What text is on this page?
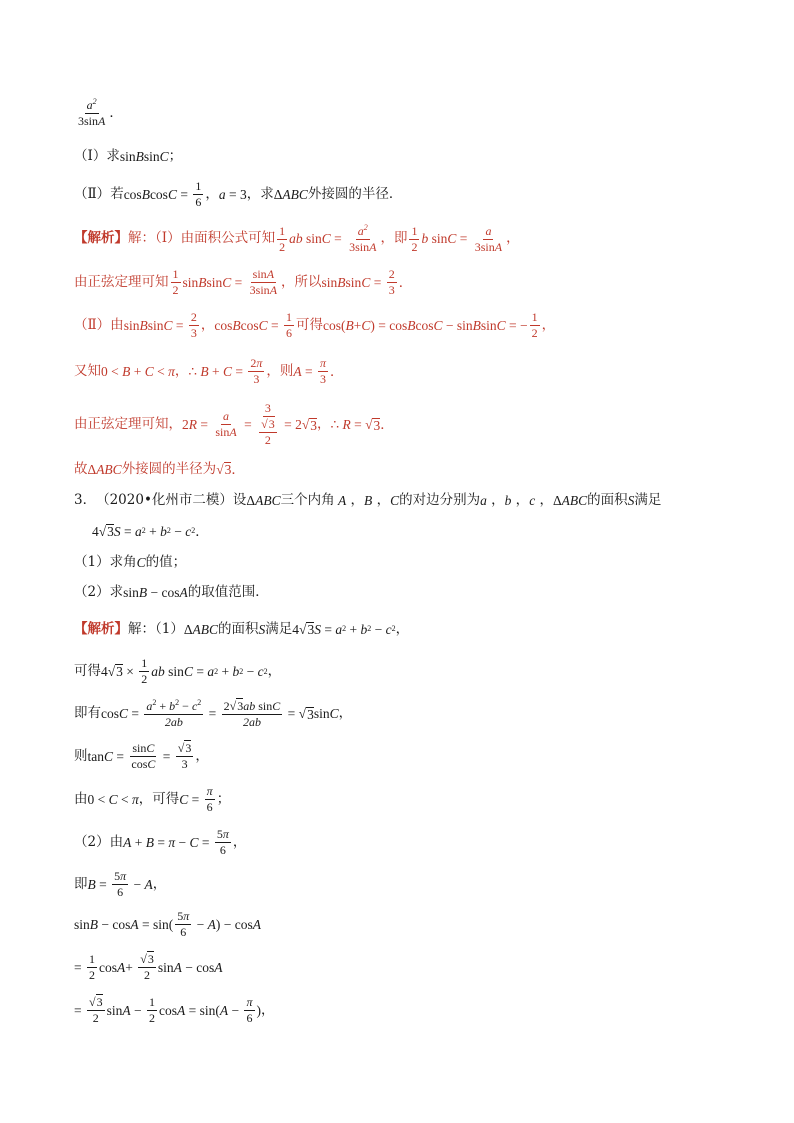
$\frac{a^2}{3\sin A}$ ．
（Ⅰ） 求 sin B sin C ；
（Ⅱ） 若 cos B $\cos C = \frac{1}{6}$ ， a = 3 ，求 Δ ABC 外接圆的半径．
【解析】 解：（Ⅰ）由面积公式可知 $\frac{1}{2}$ ab $\sin C = \frac{a^2}{3\sin A}$ ，即 $\frac{1}{2}$ b $\sin C = \frac{a}{3\sin A}$ ，
由正弦定理可知 $\frac{1}{2}$ sin B $\sin C = \frac{\sin A}{3\sin A}$ ，所以 sin B $\sin C = \frac{2}{3}$ ．
（Ⅱ）由 sin B $\sin C = \frac{2}{3}$ ， cos B $\cos C = \frac{1}{6}$ 可得 cos( B + C ) = cos B cos C − sin B sin C = − $\frac{1}{2}$ ，
又知 0 < B + C < π ， ∴ $B + C = \frac{2\pi}{3}$ ，则 $A = \frac{\pi}{3}$ ．
由正弦定理可知， 2 $R = \frac{a}{\sin A} = \frac{3}{\frac{√3}{2}} = 2√$ 3 ， ∴ R = √ 3 ．
故 Δ ABC 外接圆的半径为 √ 3 ．
3． （2020•化州市二模） 设 Δ ABC 三个内角 A ， B ， C 的对边分别为 a ， b ， c ， Δ ABC 的面积 S 满足
4√ 3 S = a 2 + b 2 − c 2 ．
（1）求角 C 的值；
（2）求 sin B − cos A 的取值范围．
【解析】 解：（1） Δ ABC 的面积 S 满足 4√ 3 S = a 2 + b 2 − c 2 ，
可得 4√ $3 \times \frac{1}{2}$ ab sin C = a 2 + b 2 − c 2 ，
即有 $\cos C = \frac{a^2 + b^2 - c^2}{2ab} = \frac{\text{2√3ab sinC}}{2ab}$ = √ 3 sin C ，
则 $\tan C = \frac{\sin C}{\cos C} = \frac{√3}{3}$ ，
由 0 < C < π ，可得 $C = \frac{\pi}{6}$ ；
（2）由 $A + B = \pi - C = \frac{5\pi}{6}$ ，
即 $B = \frac{5\pi}{6} - A$ ，
$\sin B - \cos A = \sin( \frac{5\pi}{6} - A$ ) − cos A
= $\frac{1}{2}$ $\cos A + \frac{√3}{2}$ sin A − cos A
= $\frac{√3}{2}$ $\sin A - \frac{1}{2}$ cos A = sin( $A - \frac{\pi}{6}$ ) ，
